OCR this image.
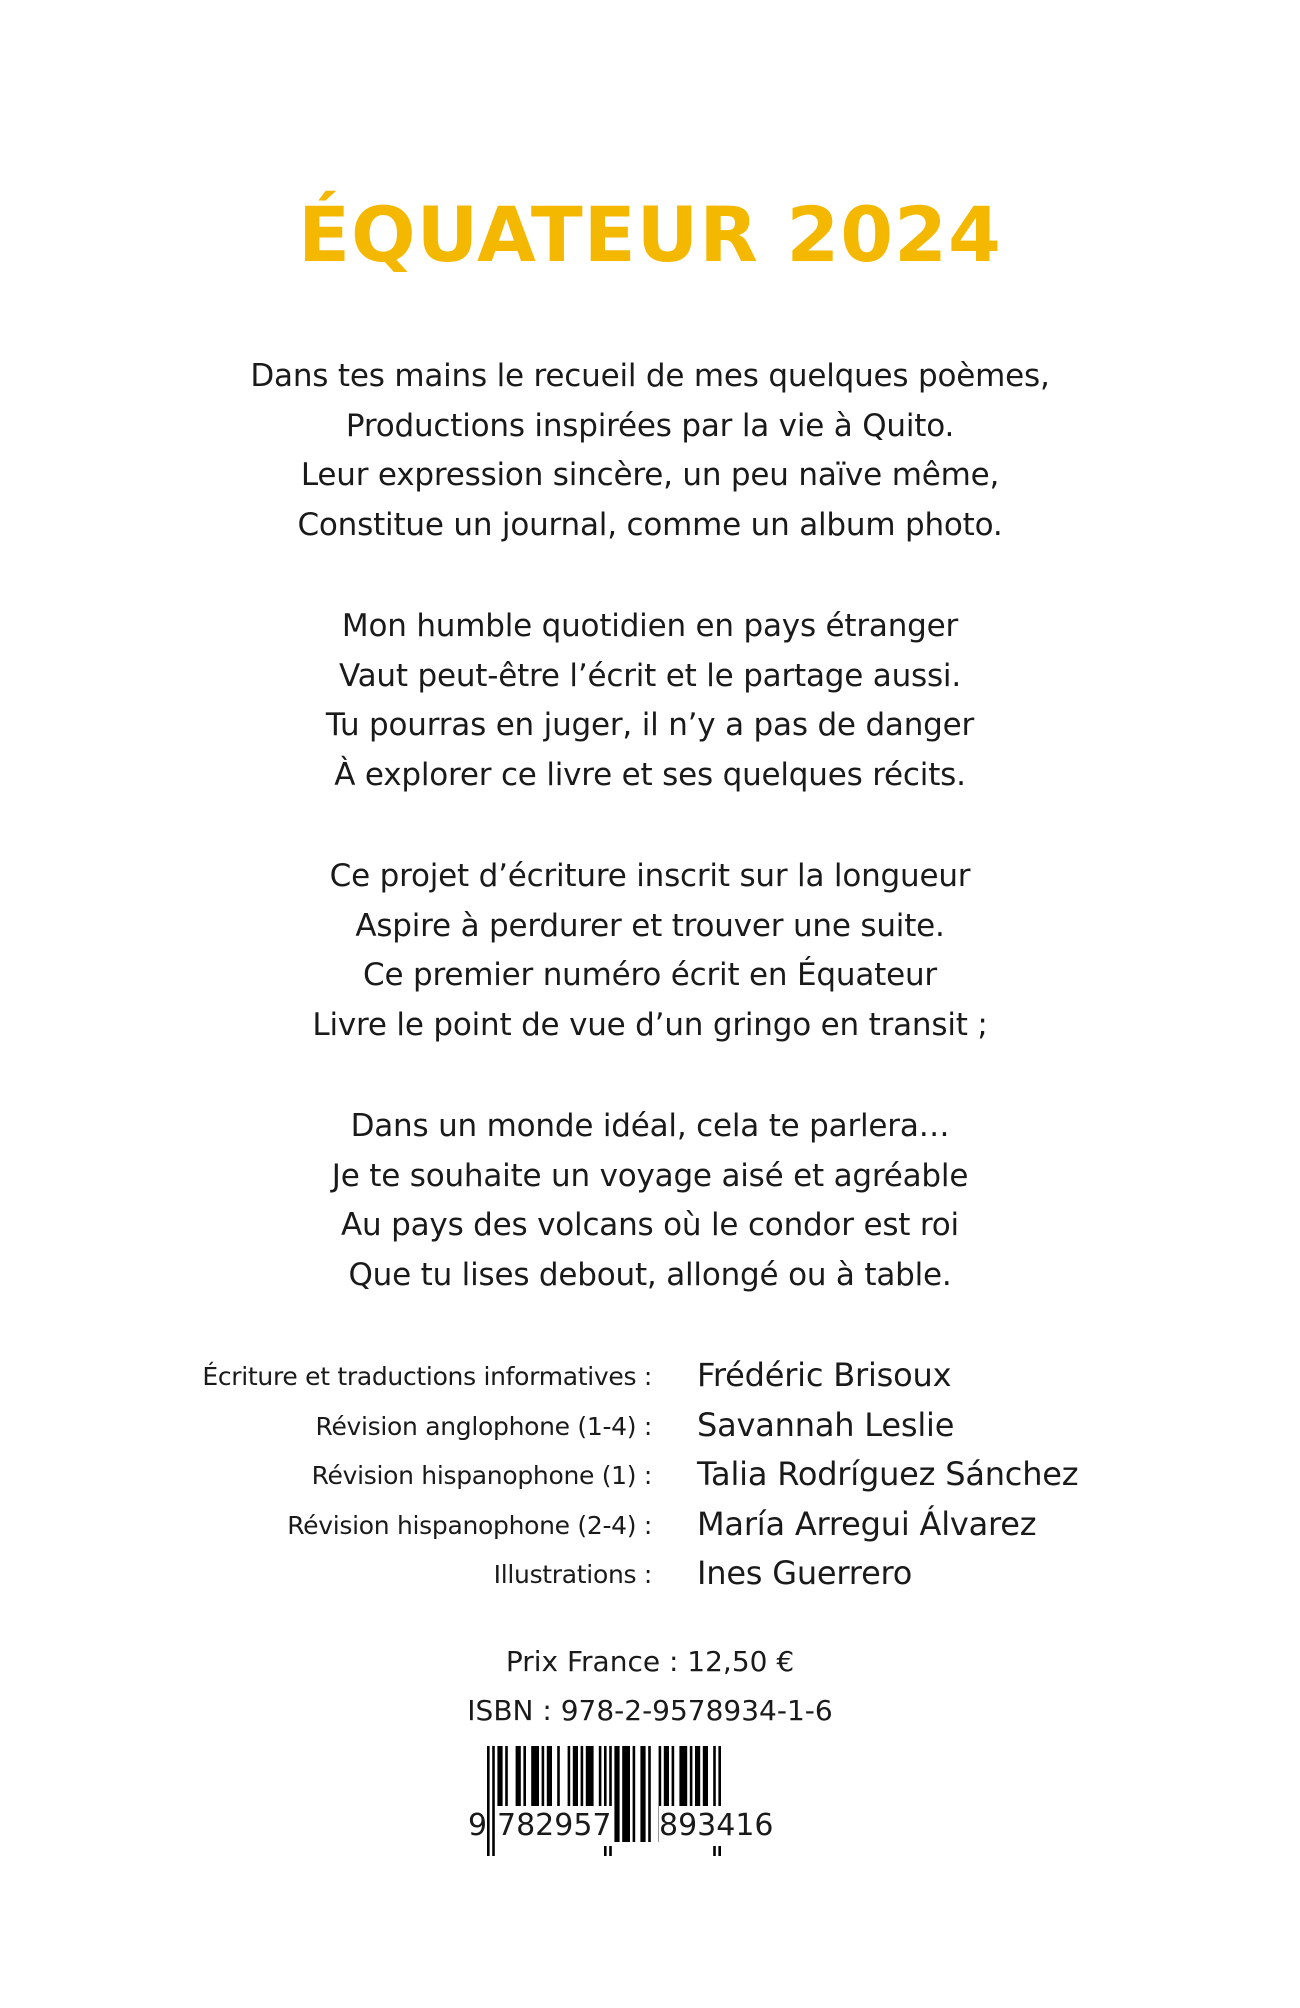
ÉQUATEUR 2024
Dans tes mains le recueil de mes quelques poèmes,
Productions inspirées par la vie à Quito.
Leur expression sincère, un peu naïve même,
Constitue un journal, comme un album photo.
Mon humble quotidien en pays étranger
Vaut peut-être l’écrit et le partage aussi.
Tu pourras en juger, il n’y a pas de danger
À explorer ce livre et ses quelques récits.
Ce projet d’écriture inscrit sur la longueur
Aspire à perdurer et trouver une suite.
Ce premier numéro écrit en Équateur
Livre le point de vue d’un gringo en transit ;
Dans un monde idéal, cela te parlera…
Je te souhaite un voyage aisé et agréable
Au pays des volcans où le condor est roi
Que tu lises debout, allongé ou à table.
Écriture et traductions informatives : Frédéric Brisoux
Révision anglophone (1-4) : Savannah Leslie
Révision hispanophone (1) : Talia Rodríguez Sánchez
Révision hispanophone (2-4) : María Arregui Álvarez
Illustrations : Ines Guerrero
Prix France : 12,50 €
ISBN : 978-2-9578934-1-6
9 782957 893416
